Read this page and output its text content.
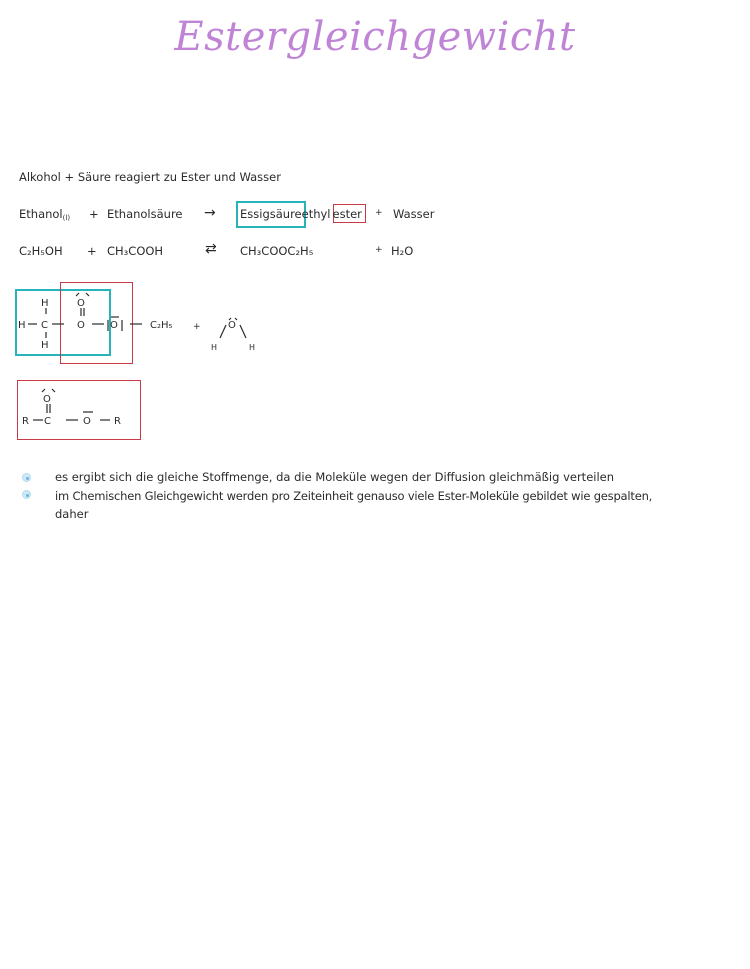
Estergleichgewicht
Alkohol + Säure reagiert zu Ester und Wasser
Ethanol$_{(l)}$ + Ethanolsäure → Essigsäureethyl ester + Wasser
C₂H₅OH + CH₃COOH	⇄ CH₃COOC₂H₅	+ H₂O
H
H C
H
O
O	O	C₂H₅ +	O
H	H
R
O
C	O R
es ergibt sich die gleiche Stoffmenge, da die Moleküle wegen der Diffusion gleichmäßig verteilen
im Chemischen Gleichgewicht werden pro Zeiteinheit genauso viele Ester-Moleküle gebildet wie gespalten,
daher
